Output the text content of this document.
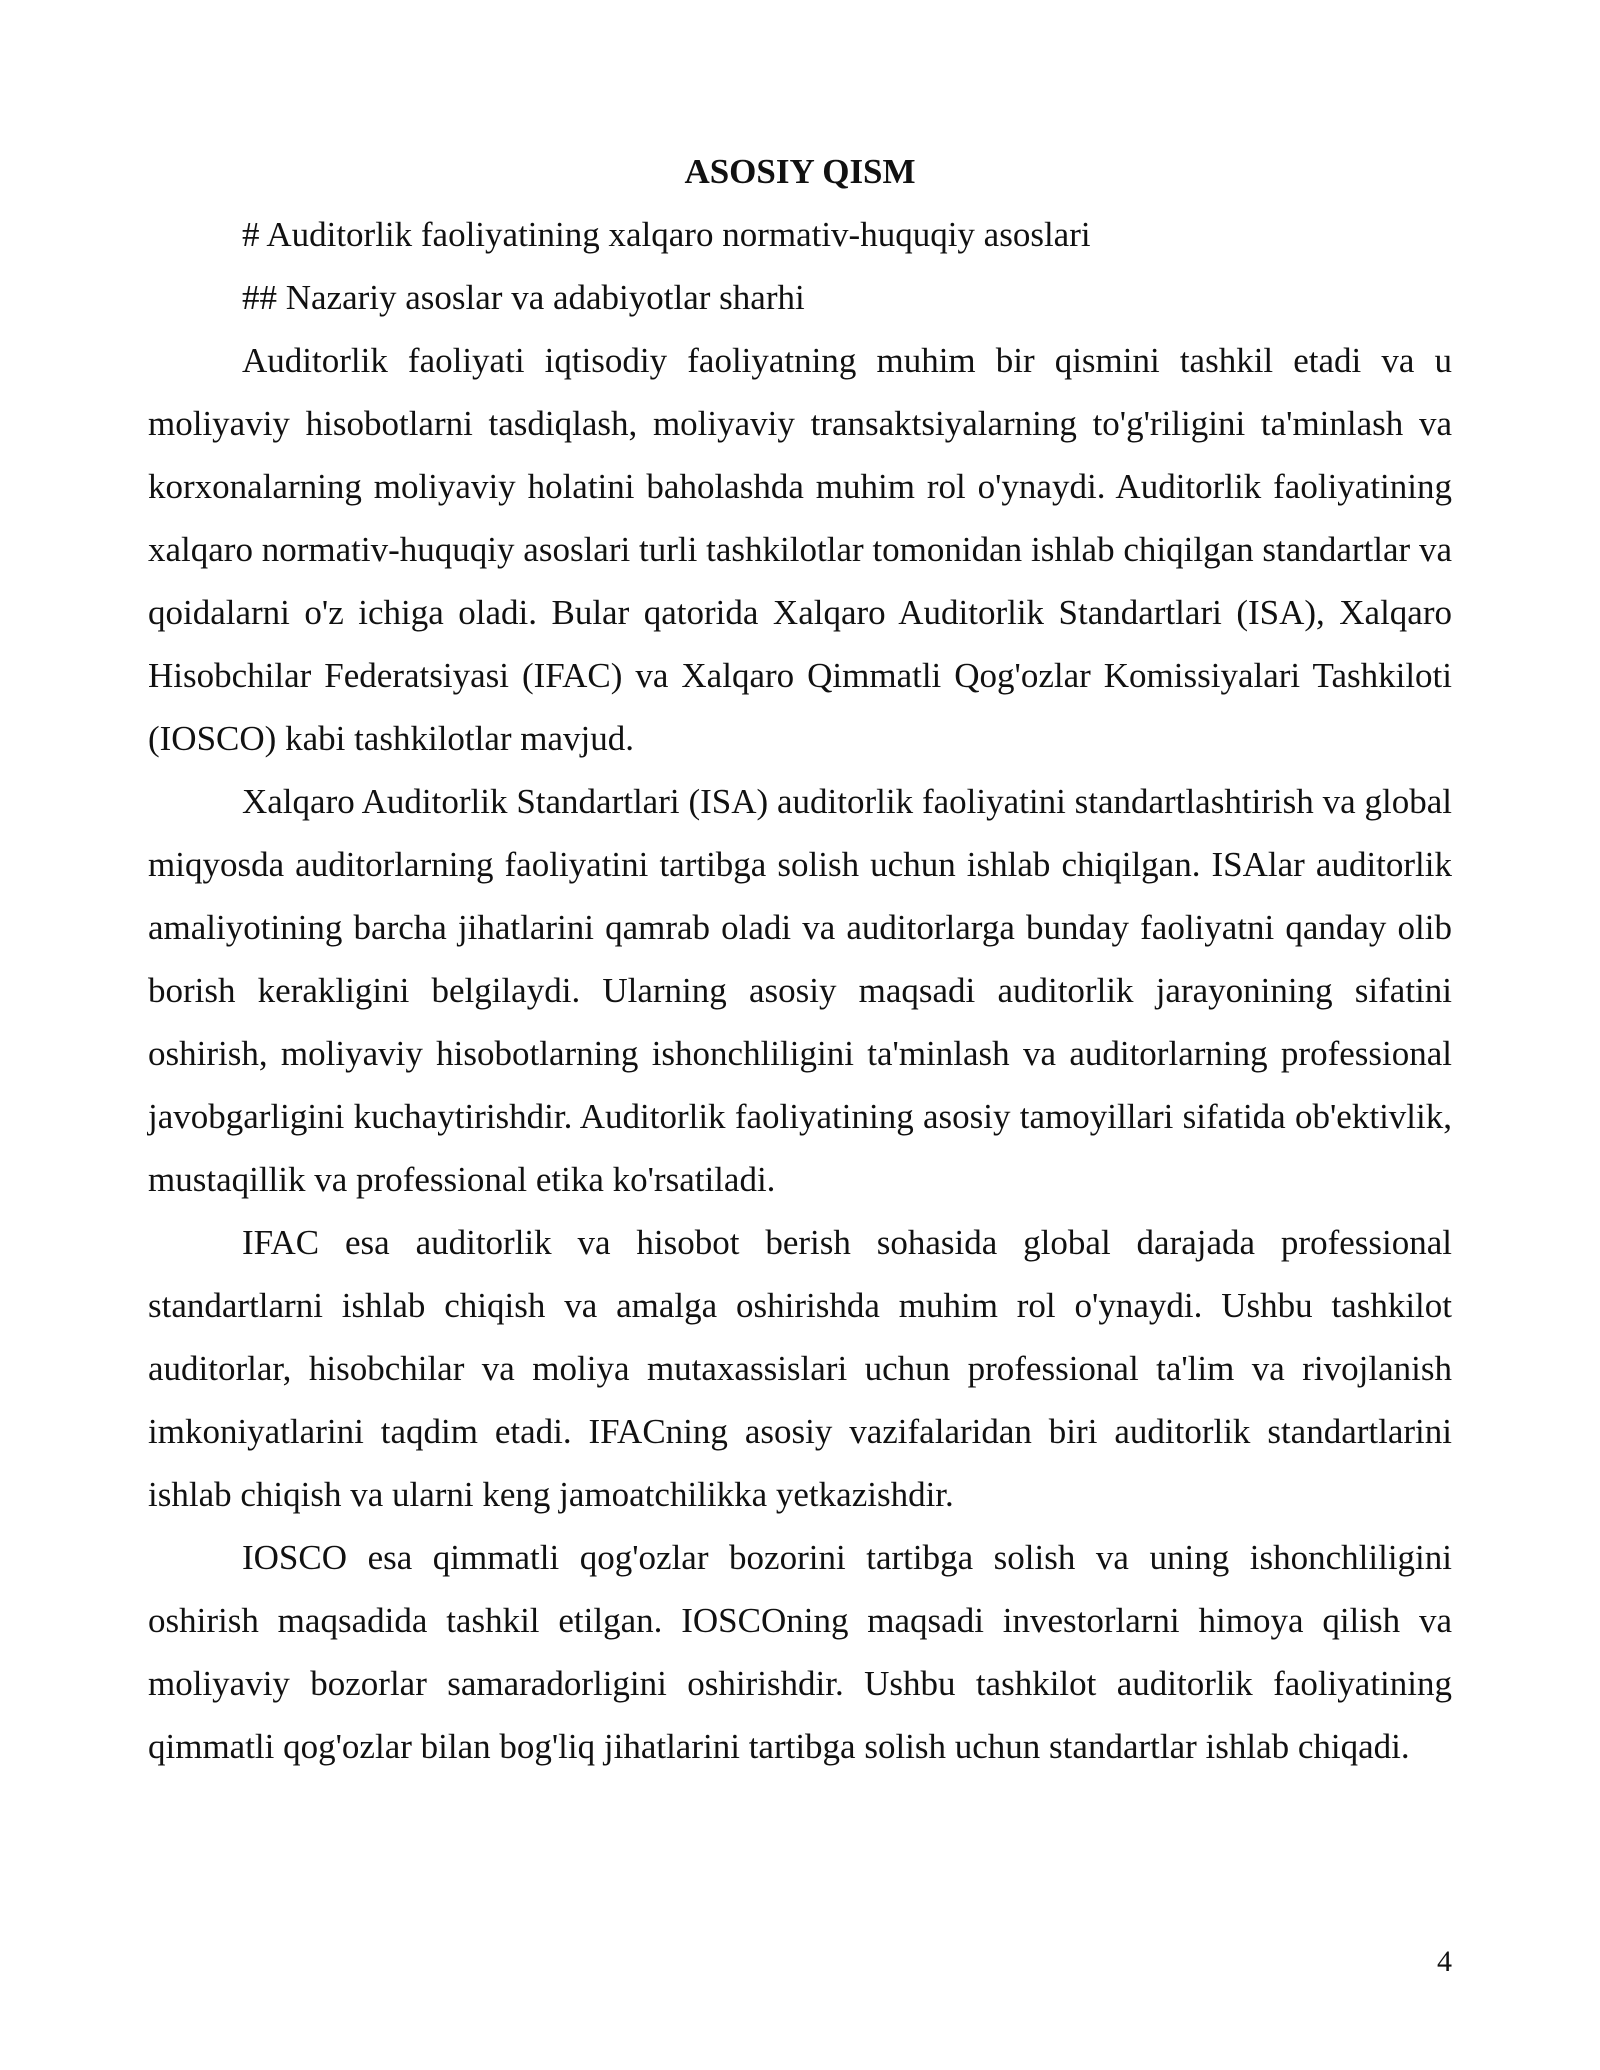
ASOSIY QISM

# Auditorlik faoliyatining xalqaro normativ-huquqiy asoslari

## Nazariy asoslar va adabiyotlar sharhi

Auditorlik faoliyati iqtisodiy faoliyatning muhim bir qismini tashkil etadi va u moliyaviy hisobotlarni tasdiqlash, moliyaviy transaktsiyalarning to'g'riligini ta'minlash va korxonalarning moliyaviy holatini baholashda muhim rol o'ynaydi. Auditorlik faoliyatining xalqaro normativ-huquqiy asoslari turli tashkilotlar tomonidan ishlab chiqilgan standartlar va qoidalarni o'z ichiga oladi. Bular qatorida Xalqaro Auditorlik Standartlari (ISA), Xalqaro Hisobchilar Federatsiyasi (IFAC) va Xalqaro Qimmatli Qog'ozlar Komissiyalari Tashkiloti (IOSCO) kabi tashkilotlar mavjud.

Xalqaro Auditorlik Standartlari (ISA) auditorlik faoliyatini standartlashtirish va global miqyosda auditorlarning faoliyatini tartibga solish uchun ishlab chiqilgan. ISAlar auditorlik amaliyotining barcha jihatlarini qamrab oladi va auditorlarga bunday faoliyatni qanday olib borish kerakligini belgilaydi. Ularning asosiy maqsadi auditorlik jarayonining sifatini oshirish, moliyaviy hisobotlarning ishonchliligini ta'minlash va auditorlarning professional javobgarligini kuchaytirishdir. Auditorlik faoliyatining asosiy tamoyillari sifatida ob'ektivlik, mustaqillik va professional etika ko'rsatiladi.

IFAC esa auditorlik va hisobot berish sohasida global darajada professional standartlarni ishlab chiqish va amalga oshirishda muhim rol o'ynaydi. Ushbu tashkilot auditorlar, hisobchilar va moliya mutaxassislari uchun professional ta'lim va rivojlanish imkoniyatlarini taqdim etadi. IFACning asosiy vazifalaridan biri auditorlik standartlarini ishlab chiqish va ularni keng jamoatchilikka yetkazishdir.

IOSCO esa qimmatli qog'ozlar bozorini tartibga solish va uning ishonchliligini oshirish maqsadida tashkil etilgan. IOSCOning maqsadi investorlarni himoya qilish va moliyaviy bozorlar samaradorligini oshirishdir. Ushbu tashkilot auditorlik faoliyatining qimmatli qog'ozlar bilan bog'liq jihatlarini tartibga solish uchun standartlar ishlab chiqadi.

4
